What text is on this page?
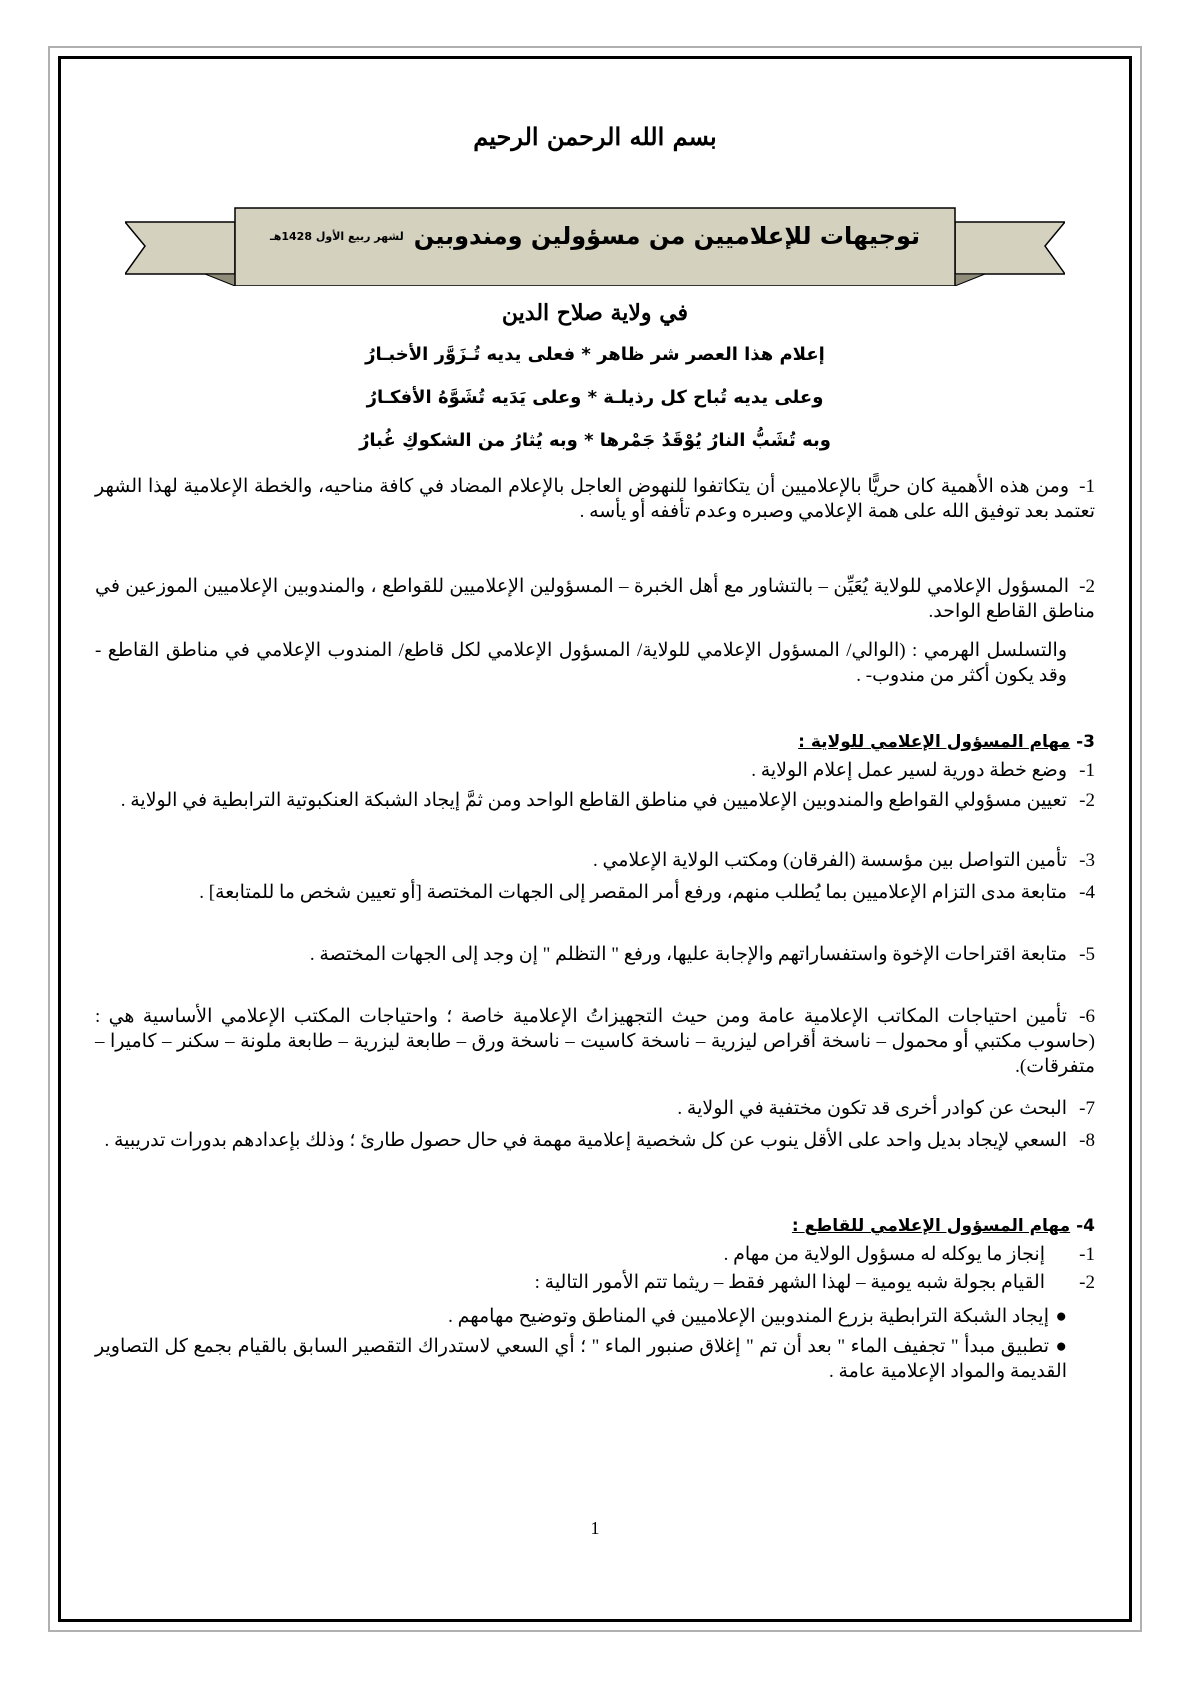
بسم الله الرحمن الرحيم
توجيهات للإعلاميين من مسؤولين ومندوبين
لشهر ربيع الأول 1428هـ
في ولاية صلاح الدين
إعلام هذا العصر شر ظاهر * فعلى يديه تُـزَوَّر الأخبـارُ
وعلى يديه تُباح كل رذيلـة * وعلى يَدَيه تُشَوَّهُ الأفكـارُ
وبه تُشَبُّ النارُ يُوْقَدُ جَمْرها * وبه يُثارُ من الشكوكِ غُبارُ
1-ومن هذه الأهمية كان حريًّا بالإعلاميين أن يتكاتفوا للنهوض العاجل بالإعلام المضاد في كافة مناحيه، والخطة الإعلامية لهذا الشهر تعتمد بعد توفيق الله على همة الإعلامي وصبره وعدم تأففه أو يأسه .
2-المسؤول الإعلامي للولاية يُعَيِّن – بالتشاور مع أهل الخبرة – المسؤولين الإعلاميين للقواطع ، والمندوبين الإعلاميين الموزعين في مناطق القاطع الواحد.
والتسلسل الهرمي : (الوالي/ المسؤول الإعلامي للولاية/ المسؤول الإعلامي لكل قاطع/ المندوب الإعلامي في مناطق القاطع - وقد يكون أكثر من مندوب- .
3- مهام المسؤول الإعلامي للولاية :
1-وضع خطة دورية لسير عمل إعلام الولاية .
2-تعيين مسؤولي القواطع والمندوبين الإعلاميين في مناطق القاطع الواحد ومن ثمَّ إيجاد الشبكة العنكبوتية الترابطية في الولاية .
3-تأمين التواصل بين مؤسسة (الفرقان) ومكتب الولاية الإعلامي .
4-متابعة مدى التزام الإعلاميين بما يُطلب منهم، ورفع أمر المقصر إلى الجهات المختصة [أو تعيين شخص ما للمتابعة] .
5-متابعة اقتراحات الإخوة واستفساراتهم والإجابة عليها، ورفع " التظلم " إن وجد إلى الجهات المختصة .
6-تأمين احتياجات المكاتب الإعلامية عامة ومن حيث التجهيزاتُ الإعلامية خاصة ؛ واحتياجات المكتب الإعلامي الأساسية هي : (حاسوب مكتبي أو محمول – ناسخة أقراص ليزرية – ناسخة كاسيت – ناسخة ورق – طابعة ليزرية – طابعة ملونة – سكنر – كاميرا – متفرقات).
7-البحث عن كوادر أخرى قد تكون مختفية في الولاية .
8-السعي لإيجاد بديل واحد على الأقل ينوب عن كل شخصية إعلامية مهمة في حال حصول طارئ ؛ وذلك بإعدادهم بدورات تدريبية .
4- مهام المسؤول الإعلامي للقاطع :
1-إنجاز ما يوكله له مسؤول الولاية من مهام .
2-القيام بجولة شبه يومية – لهذا الشهر فقط – ريثما تتم الأمور التالية :
●إيجاد الشبكة الترابطية بزرع المندوبين الإعلاميين في المناطق وتوضيح مهامهم .
●تطبيق مبدأ " تجفيف الماء " بعد أن تم " إغلاق صنبور الماء " ؛ أي السعي لاستدراك التقصير السابق بالقيام بجمع كل التصاوير القديمة والمواد الإعلامية عامة .
1
